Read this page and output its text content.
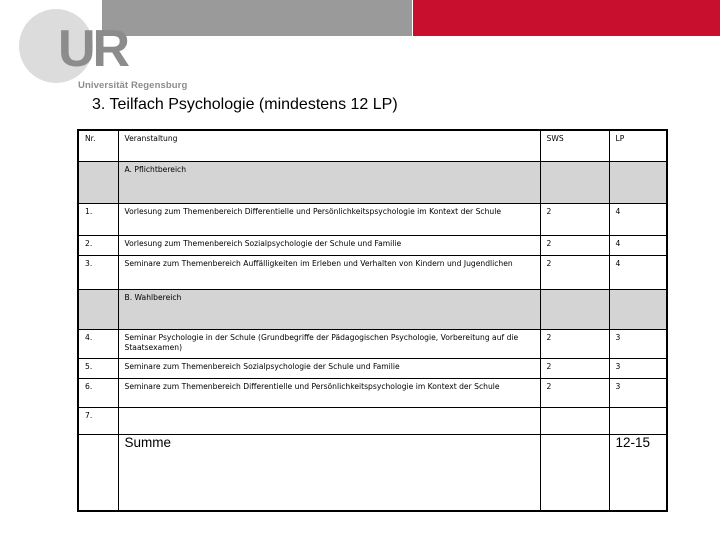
UR
Universität Regensburg
3. Teilfach Psychologie (mindestens 12 LP)
Nr.	Veranstaltung	SWS	LP
	A. Pflichtbereich		
1.	Vorlesung zum Themenbereich Differentielle und Persönlichkeitspsychologie im Kontext der Schule	2	4
2.	Vorlesung zum Themenbereich Sozialpsychologie der Schule und Familie	2	4
3.	Seminare zum Themenbereich Auffälligkeiten im Erleben und Verhalten von Kindern und Jugendlichen	2	4
	B. Wahlbereich		
4.	Seminar Psychologie in der Schule (Grundbegriffe der Pädagogischen Psychologie, Vorbereitung auf die Staatsexamen)	2	3
5.	Seminare zum Themenbereich Sozialpsychologie der Schule und Familie	2	3
6.	Seminare zum Themenbereich Differentielle und Persönlichkeitspsychologie im Kontext der Schule	2	3
7.			
	Summe		12-15
